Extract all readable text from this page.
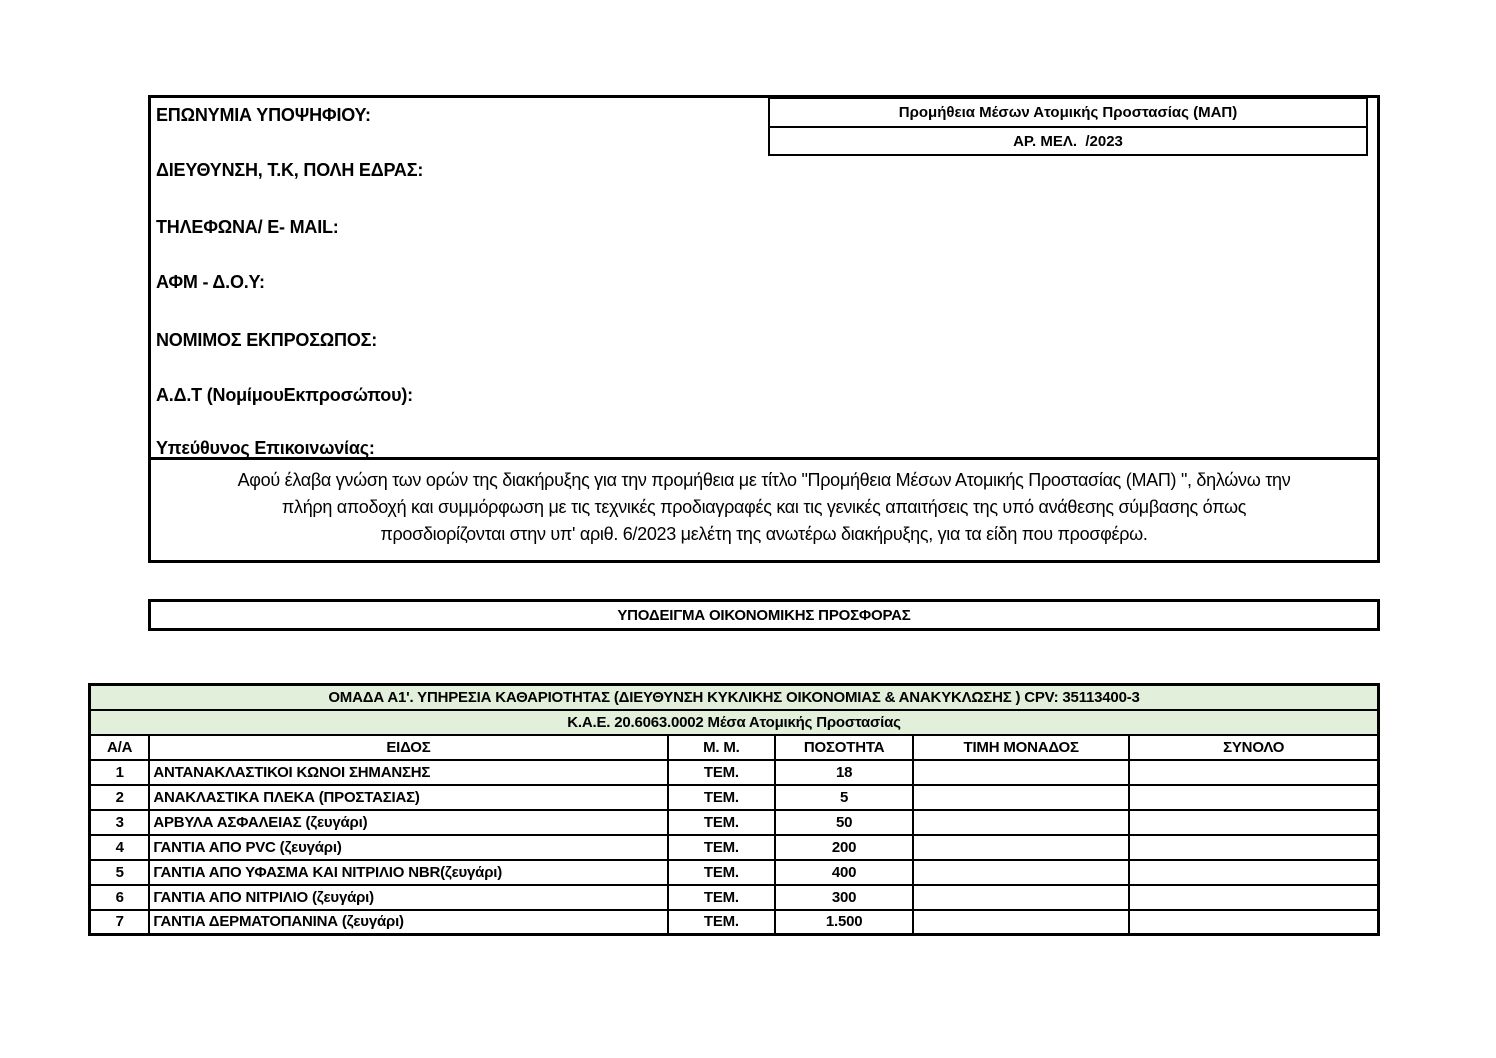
ΕΠΩΝΥΜΙΑ ΥΠΟΨΗΦΙΟΥ:
ΔΙΕΥΘΥΝΣΗ, Τ.Κ, ΠΟΛΗ ΕΔΡΑΣ:
ΤΗΛΕΦΩΝΑ/ E- MAIL:
ΑΦΜ - Δ.Ο.Υ:
ΝΟΜΙΜΟΣ ΕΚΠΡΟΣΩΠΟΣ:
Α.Δ.Τ (ΝομίμουΕκπροσώπου):
Υπεύθυνος Επικοινωνίας:
Προμήθεια Μέσων Ατομικής Προστασίας (ΜΑΠ)
ΑΡ. ΜΕΛ.  /2023
Αφού έλαβα γνώση των ορών της διακήρυξης για την προμήθεια με τίτλο "Προμήθεια Μέσων Ατομικής Προστασίας (ΜΑΠ) ", δηλώνω την
πλήρη αποδοχή και συμμόρφωση με τις τεχνικές προδιαγραφές και τις γενικές απαιτήσεις της υπό ανάθεσης σύμβασης όπως
προσδιορίζονται στην υπ' αριθ. 6/2023 μελέτη της ανωτέρω διακήρυξης, για τα είδη που προσφέρω.
ΥΠΟΔΕΙΓΜΑ ΟΙΚΟΝΟΜΙΚΗΣ ΠΡΟΣΦΟΡΑΣ
ΟΜΑΔΑ Α1'. ΥΠΗΡΕΣΙΑ ΚΑΘΑΡΙΟΤΗΤΑΣ (ΔΙΕΥΘΥΝΣΗ ΚΥΚΛΙΚΗΣ ΟΙΚΟΝΟΜΙΑΣ & ΑΝΑΚΥΚΛΩΣΗΣ ) CPV: 35113400-3					
Κ.Α.Ε. 20.6063.0002 Μέσα Ατομικής Προστασίας					
Α/Α	ΕΙΔΟΣ	Μ. Μ.	ΠΟΣΟΤΗΤΑ	ΤΙΜΗ ΜΟΝΑΔΟΣ	ΣΥΝΟΛΟ
1	ΑΝΤΑΝΑΚΛΑΣΤΙΚΟΙ ΚΩΝΟΙ ΣΗΜΑΝΣΗΣ	ΤΕΜ.	18		
2	ΑΝΑΚΛΑΣΤΙΚΑ ΠΛΕΚΑ (ΠΡΟΣΤΑΣΙΑΣ)	ΤΕΜ.	5		
3	ΑΡΒΥΛΑ ΑΣΦΑΛΕΙΑΣ (ζευγάρι)	ΤΕΜ.	50		
4	ΓΑΝΤΙΑ ΑΠΟ PVC (ζευγάρι)	ΤΕΜ.	200		
5	ΓΑΝΤΙΑ ΑΠΟ ΥΦΑΣΜΑ ΚΑΙ ΝΙΤΡΙΛΙΟ NBR(ζευγάρι)	ΤΕΜ.	400		
6	ΓΑΝΤΙΑ ΑΠΟ ΝΙΤΡΙΛΙΟ (ζευγάρι)	ΤΕΜ.	300		
7	ΓΑΝΤΙΑ ΔΕΡΜΑΤΟΠΑΝΙΝΑ (ζευγάρι)	ΤΕΜ.	1.500		
